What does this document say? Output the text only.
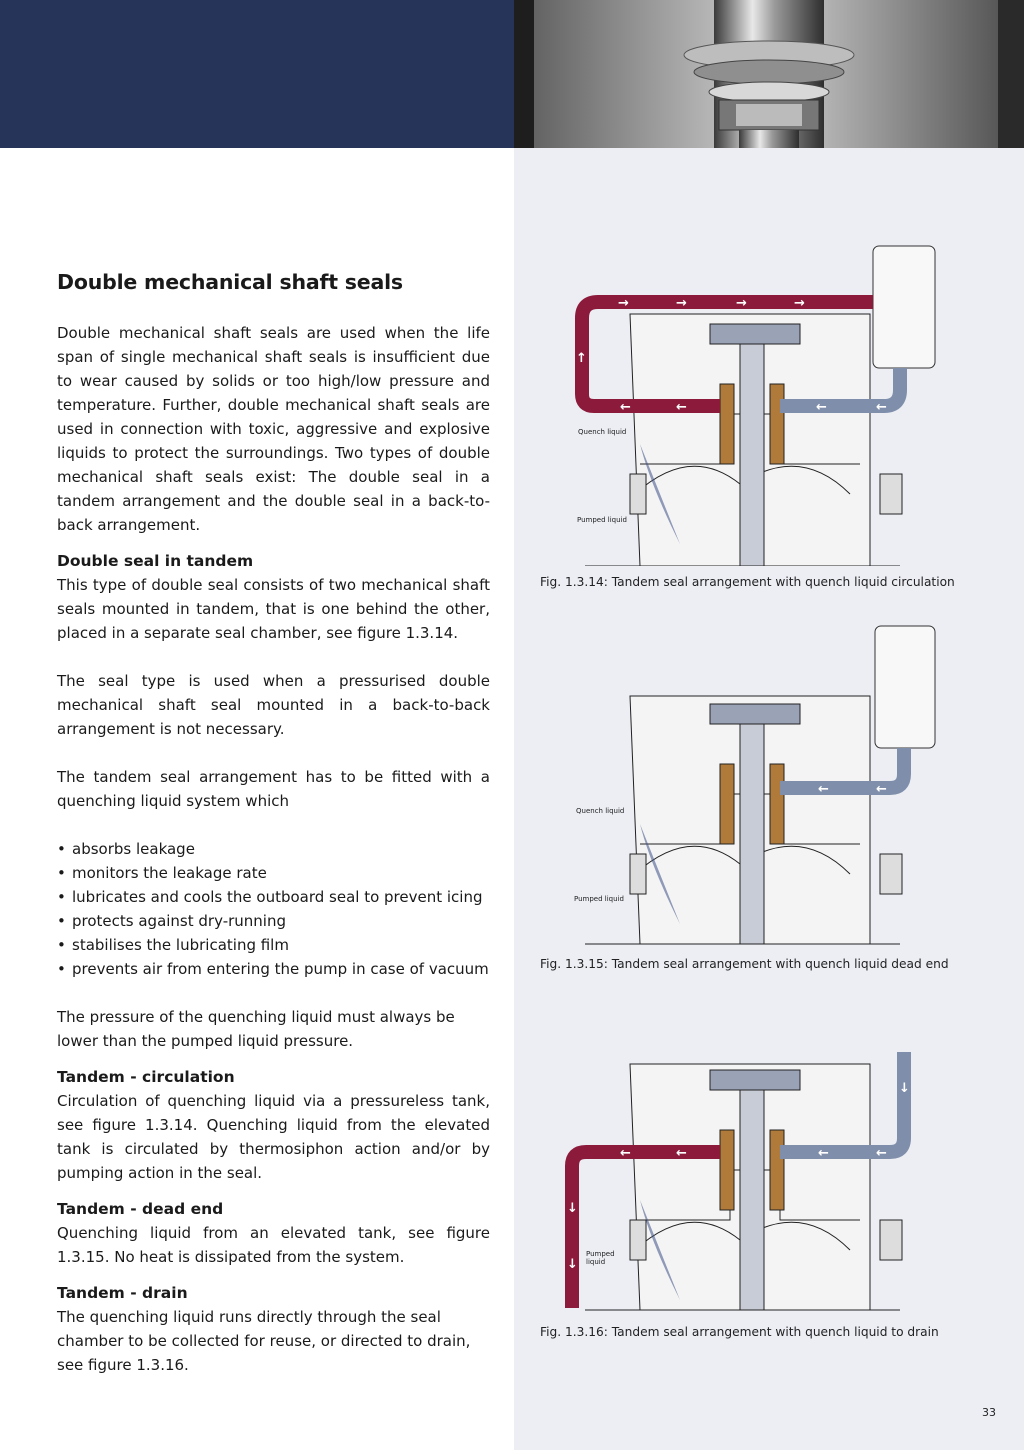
Double mechanical shaft seals

Double mechanical shaft seals are used when the life span of single mechanical shaft seals is insufficient due to wear caused by solids or too high/low pressure and temperature. Further, double mechanical shaft seals are used in connection with toxic, aggressive and explosive liquids to protect the surroundings. Two types of double mechanical shaft seals exist: The double seal in a tandem arrangement and the double seal in a back-to-back arrangement.

Double seal in tandem

This type of double seal consists of two mechanical shaft seals mounted in tandem, that is one behind the other, placed in a separate seal chamber, see figure 1.3.14.

The seal type is used when a pressurised double mechanical shaft seal mounted in a back-to-back arrangement is not necessary.

The tandem seal arrangement has to be fitted with a quenching liquid system which

• absorbs leakage
• monitors the leakage rate
• lubricates and cools the outboard seal to prevent icing
• protects against dry-running
• stabilises the lubricating film
• prevents air from entering the pump in case of vacuum

The pressure of the quenching liquid must always be lower than the pumped liquid pressure.

Tandem - circulation

Circulation of quenching liquid via a pressureless tank, see figure 1.3.14. Quenching liquid from the elevated tank is circulated by thermosiphon action and/or by pumping action in the seal.

Tandem - dead end

Quenching liquid from an elevated tank, see figure 1.3.15. No heat is dissipated from the system.

Tandem - drain

The quenching liquid runs directly through the seal chamber to be collected for reuse, or directed to drain, see figure 1.3.16.

→	→	→	→
↑
←	←	←	←
Quench liquid
Pumped liquid

Fig. 1.3.14: Tandem seal arrangement with quench liquid circulation

←	←
Quench liquid
Pumped liquid

Fig. 1.3.15: Tandem seal arrangement with quench liquid dead end

↓
←	←
←	←
↓
↓
Pumped
liquid

Fig. 1.3.16: Tandem seal arrangement with quench liquid to drain

33
